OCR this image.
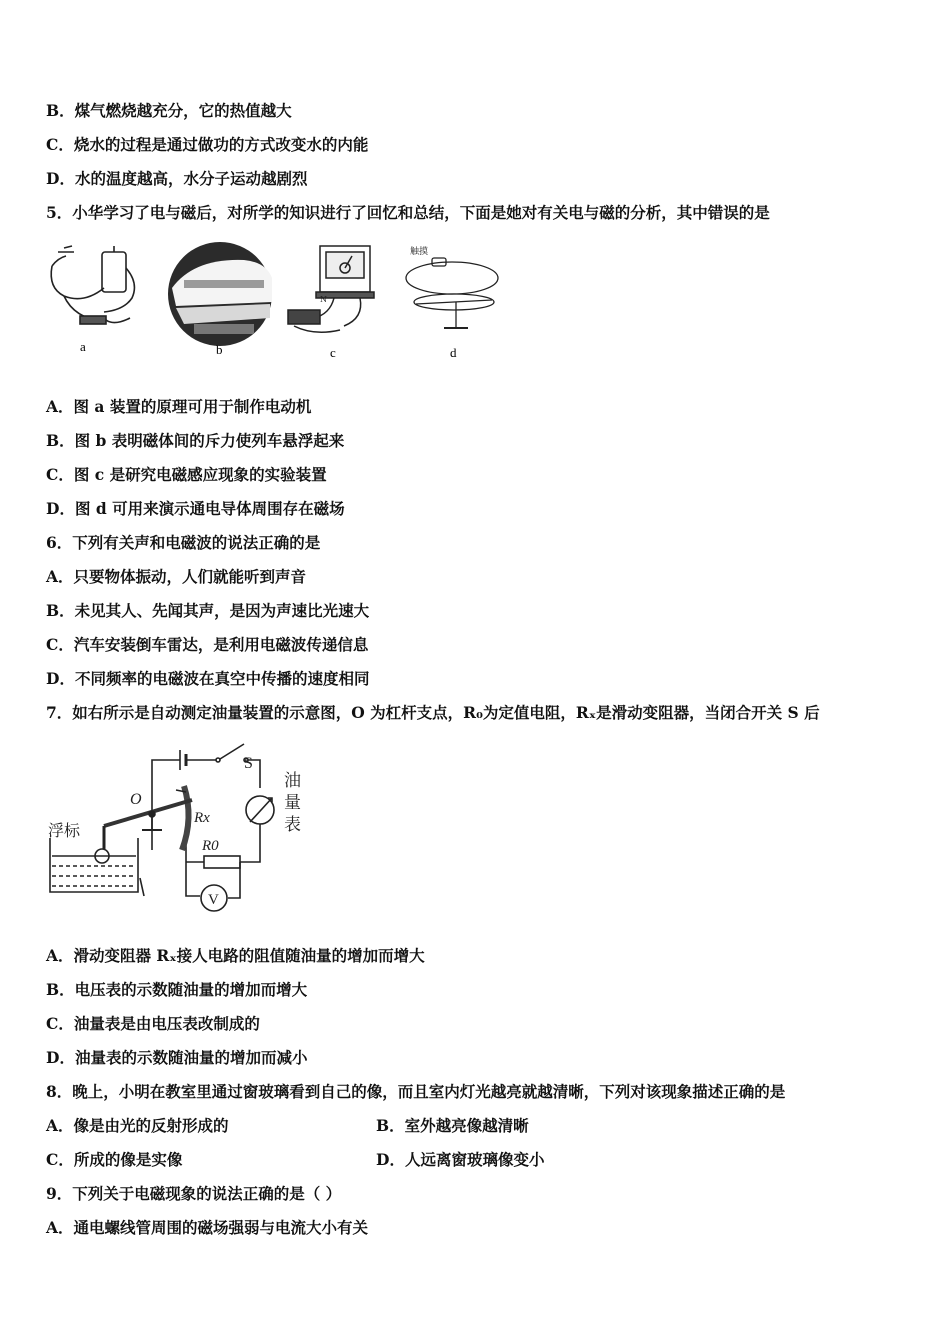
B．煤气燃烧越充分，它的热值越大
C．烧水的过程是通过做功的方式改变水的内能
D．水的温度越高，水分子运动越剧烈
5．小华学习了电与磁后，对所学的知识进行了回忆和总结，下面是她对有关电与磁的分析，其中错误的是
a	b
N
c
触摸
d
A．图 a 装置的原理可用于制作电动机
B．图 b 表明磁体间的斥力使列车悬浮起来
C．图 c 是研究电磁感应现象的实验装置
D．图 d 可用来演示通电导体周围存在磁场
6．下列有关声和电磁波的说法正确的是
A．只要物体振动，人们就能听到声音
B．未见其人、先闻其声，是因为声速比光速大
C．汽车安装倒车雷达，是利用电磁波传递信息
D．不同频率的电磁波在真空中传播的速度相同
7．如右所示是自动测定油量装置的示意图，O 为杠杆支点，R₀为定值电阻，Rₓ是滑动变阻器，当闭合开关 S 后
S
O
Rx
R0
V
浮标
油
量
表
A．滑动变阻器 Rₓ接人电路的阻值随油量的增加而增大
B．电压表的示数随油量的增加而增大
C．油量表是由电压表改制成的
D．油量表的示数随油量的增加而减小
8．晚上，小明在教室里通过窗玻璃看到自己的像，而且室内灯光越亮就越清晰，下列对该现象描述正确的是
A．像是由光的反射形成的	B．室外越亮像越清晰
C．所成的像是实像	D．人远离窗玻璃像变小
9．下列关于电磁现象的说法正确的是（ ）
A．通电螺线管周围的磁场强弱与电流大小有关
